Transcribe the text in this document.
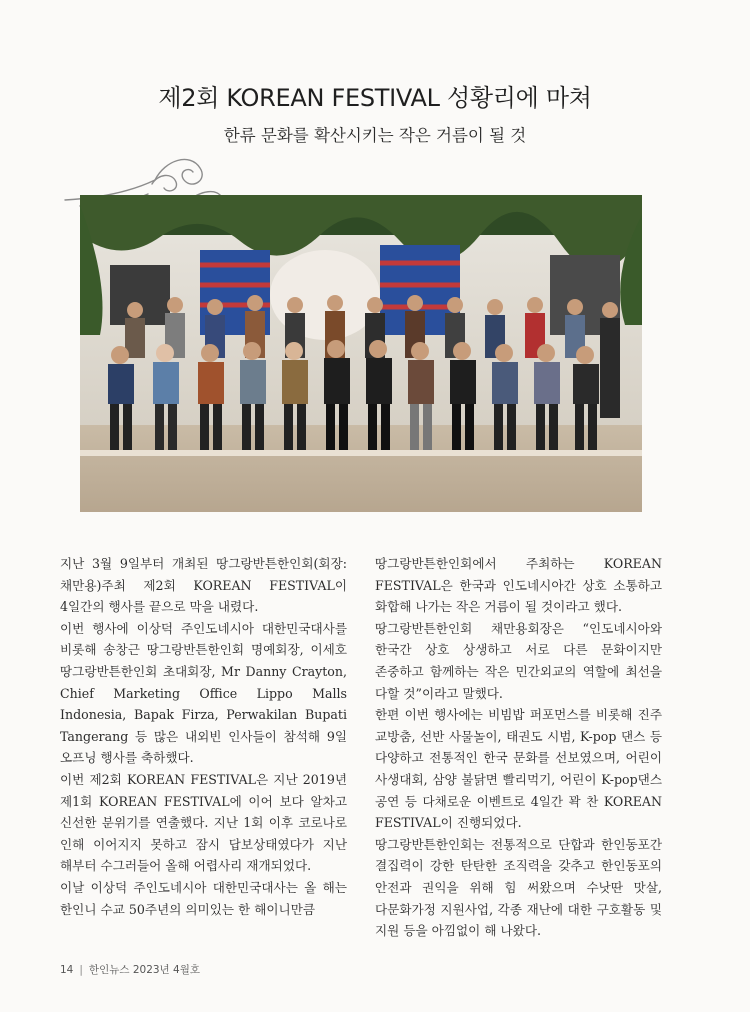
제2회 KOREAN FESTIVAL 성황리에 마쳐
한류 문화를 확산시키는 작은 거름이 될 것

지난 3월 9일부터 개최된 땅그랑반튼한인회(회장:채만용)주최 제2회 KOREAN FESTIVAL이 4일간의 행사를 끝으로 막을 내렸다.

이번 행사에 이상덕 주인도네시아 대한민국대사를 비롯해 송창근 땅그랑반튼한인회 명예회장, 이세호 땅그랑반튼한인회 초대회장, Mr Danny Crayton, Chief Marketing Office Lippo Malls Indonesia, Bapak Firza, Perwakilan Bupati Tangerang 등 많은 내외빈 인사들이 참석해 9일 오프닝 행사를 축하했다.

이번 제2회 KOREAN FESTIVAL은 지난 2019년 제1회 KOREAN FESTIVAL에 이어 보다 알차고 신선한 분위기를 연출했다. 지난 1회 이후 코로나로 인해 이어지지 못하고 잠시 답보상태였다가 지난 해부터 수그러들어 올해 어렵사리 재개되었다.

이날 이상덕 주인도네시아 대한민국대사는 올 해는 한인니 수교 50주년의 의미있는 한 해이니만큼

땅그랑반튼한인회에서 주최하는 KOREAN FESTIVAL은 한국과 인도네시아간 상호 소통하고 화합해 나가는 작은 거름이 될 것이라고 했다.

땅그랑반튼한인회 채만용회장은 “인도네시아와 한국간 상호 상생하고 서로 다른 문화이지만 존중하고 함께하는 작은 민간외교의 역할에 최선을 다할 것”이라고 말했다.

한편 이번 행사에는 비빔밥 퍼포먼스를 비롯해 진주 교방춤, 선반 사물놀이, 태권도 시범, K-pop 댄스 등 다양하고 전통적인 한국 문화를 선보였으며, 어린이 사생대회, 삼양 불닭면 빨리먹기, 어린이 K-pop댄스 공연 등 다채로운 이벤트로 4일간 꽉 찬 KOREAN FESTIVAL이 진행되었다.

땅그랑반튼한인회는 전통적으로 단합과 한인동포간 결집력이 강한 탄탄한 조직력을 갖추고 한인동포의 안전과 권익을 위해 힘 써왔으며 수낫딴 맛살, 다문화가정 지원사업, 각종 재난에 대한 구호활동 및 지원 등을 아낌없이 해 나왔다.

14 | 한인뉴스 2023년 4월호
